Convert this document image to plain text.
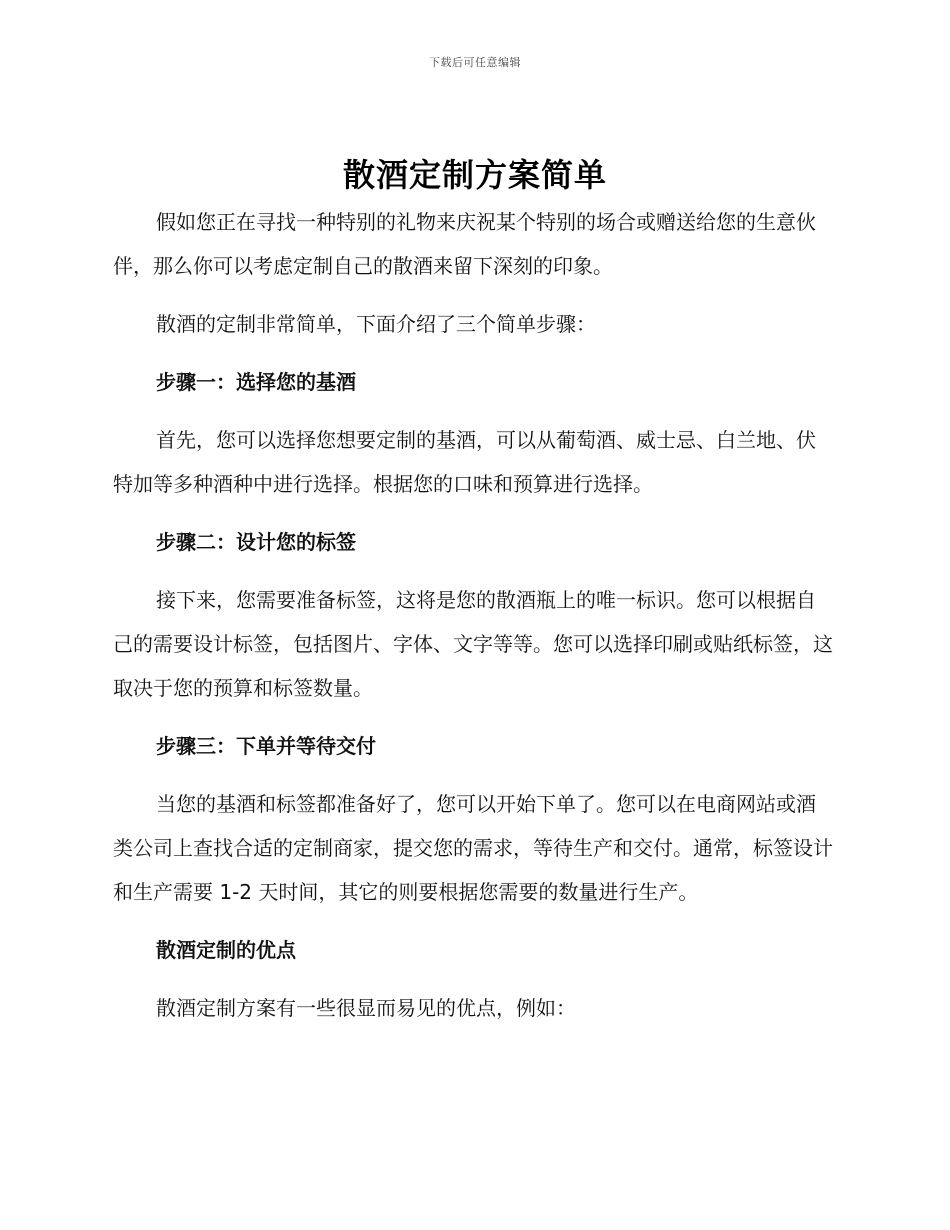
下载后可任意编辑
散酒定制方案简单

假如您正在寻找一种特别的礼物来庆祝某个特别的场合或赠送给您的生意伙伴，那么你可以考虑定制自己的散酒来留下深刻的印象。

散酒的定制非常简单，下面介绍了三个简单步骤：

步骤一：选择您的基酒

首先，您可以选择您想要定制的基酒，可以从葡萄酒、威士忌、白兰地、伏特加等多种酒种中进行选择。根据您的口味和预算进行选择。

步骤二：设计您的标签

接下来，您需要准备标签，这将是您的散酒瓶上的唯一标识。您可以根据自己的需要设计标签，包括图片、字体、文字等等。您可以选择印刷或贴纸标签，这取决于您的预算和标签数量。

步骤三：下单并等待交付

当您的基酒和标签都准备好了，您可以开始下单了。您可以在电商网站或酒类公司上查找合适的定制商家，提交您的需求，等待生产和交付。通常，标签设计和生产需要 1-2 天时间，其它的则要根据您需要的数量进行生产。

散酒定制的优点

散酒定制方案有一些很显而易见的优点，例如：
